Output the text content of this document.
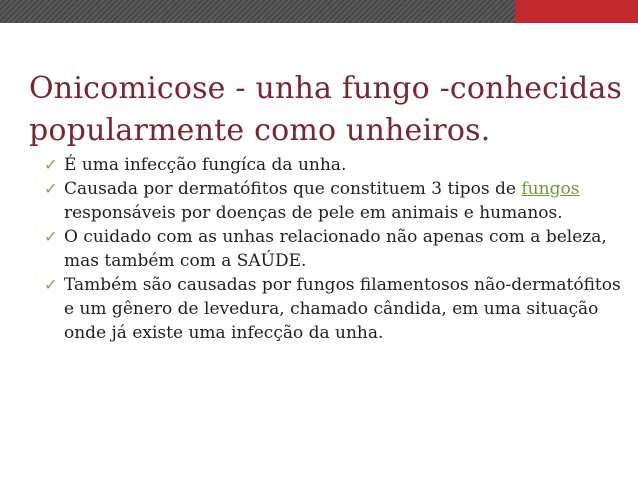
Onicomicose - unha fungo -conhecidas popularmente como unheiros.
✓ É uma infecção fungíca da unha.
✓ Causada por dermatófitos que constituem 3 tipos de fungos responsáveis por doenças de pele em animais e humanos.
✓ O cuidado com as unhas relacionado não apenas com a beleza, mas também com a SAÚDE.
✓ Também são causadas por fungos filamentosos não-dermatófitos e um gênero de levedura, chamado cândida, em uma situação onde já existe uma infecção da unha.
